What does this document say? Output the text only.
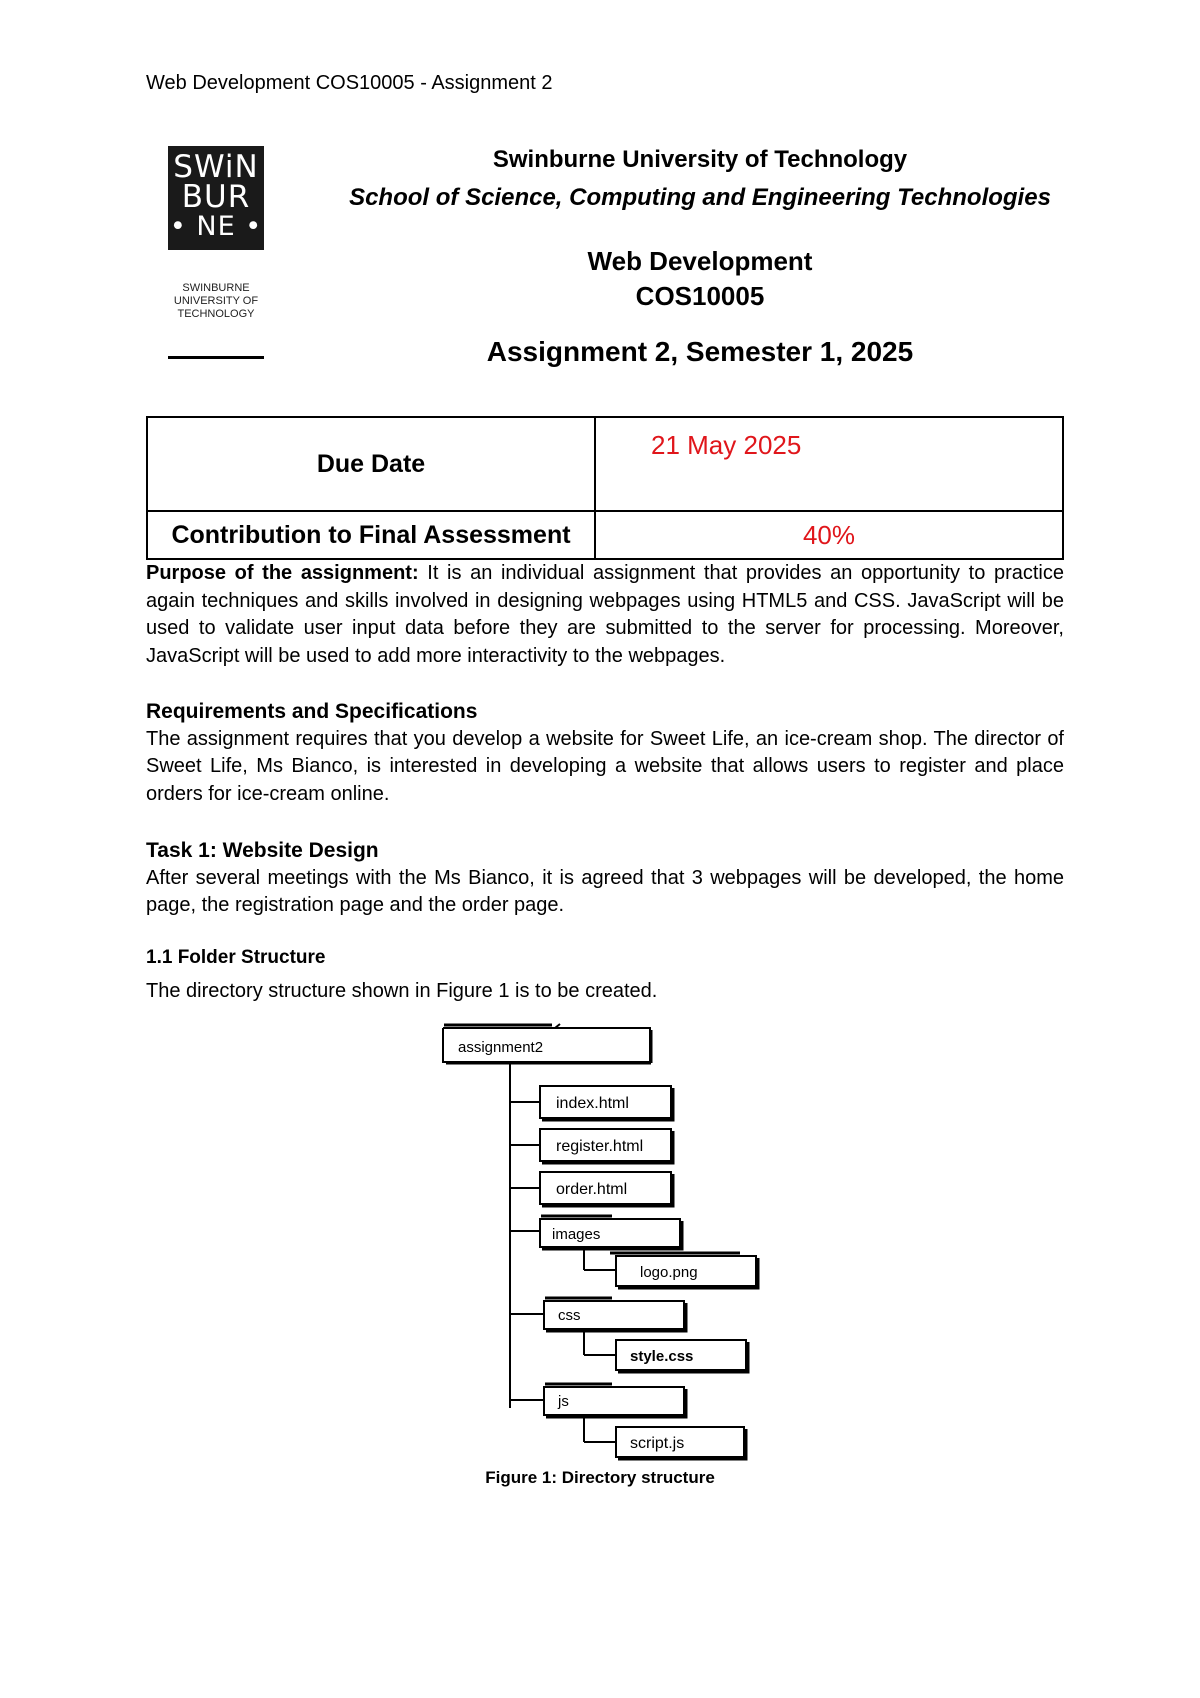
Web Development COS10005 - Assignment 2
SWiN
BUR
• NE •
SWINBURNE
UNIVERSITY OF
TECHNOLOGY

Swinburne University of Technology

School of Science, Computing and Engineering Technologies

Web Development

COS10005

Assignment 2, Semester 1, 2025

Due Date	21 May 2025
Contribution to Final Assessment	40%
Purpose of the assignment: It is an individual assignment that provides an opportunity to practice again techniques and skills involved in designing webpages using HTML5 and CSS. JavaScript will be used to validate user input data before they are submitted to the server for processing. Moreover, JavaScript will be used to add more interactivity to the webpages.
Requirements and Specifications
The assignment requires that you develop a website for Sweet Life, an ice-cream shop. The director of Sweet Life, Ms Bianco, is interested in developing a website that allows users to register and place orders for ice-cream online.
Task 1: Website Design
After several meetings with the Ms Bianco, it is agreed that 3 webpages will be developed, the home page, the registration page and the order page.
1.1 Folder Structure
The directory structure shown in Figure 1 is to be created.
assignment2
index.html
register.html
order.html
images
logo.png
css
style.css
js
script.js
Figure 1: Directory structure
